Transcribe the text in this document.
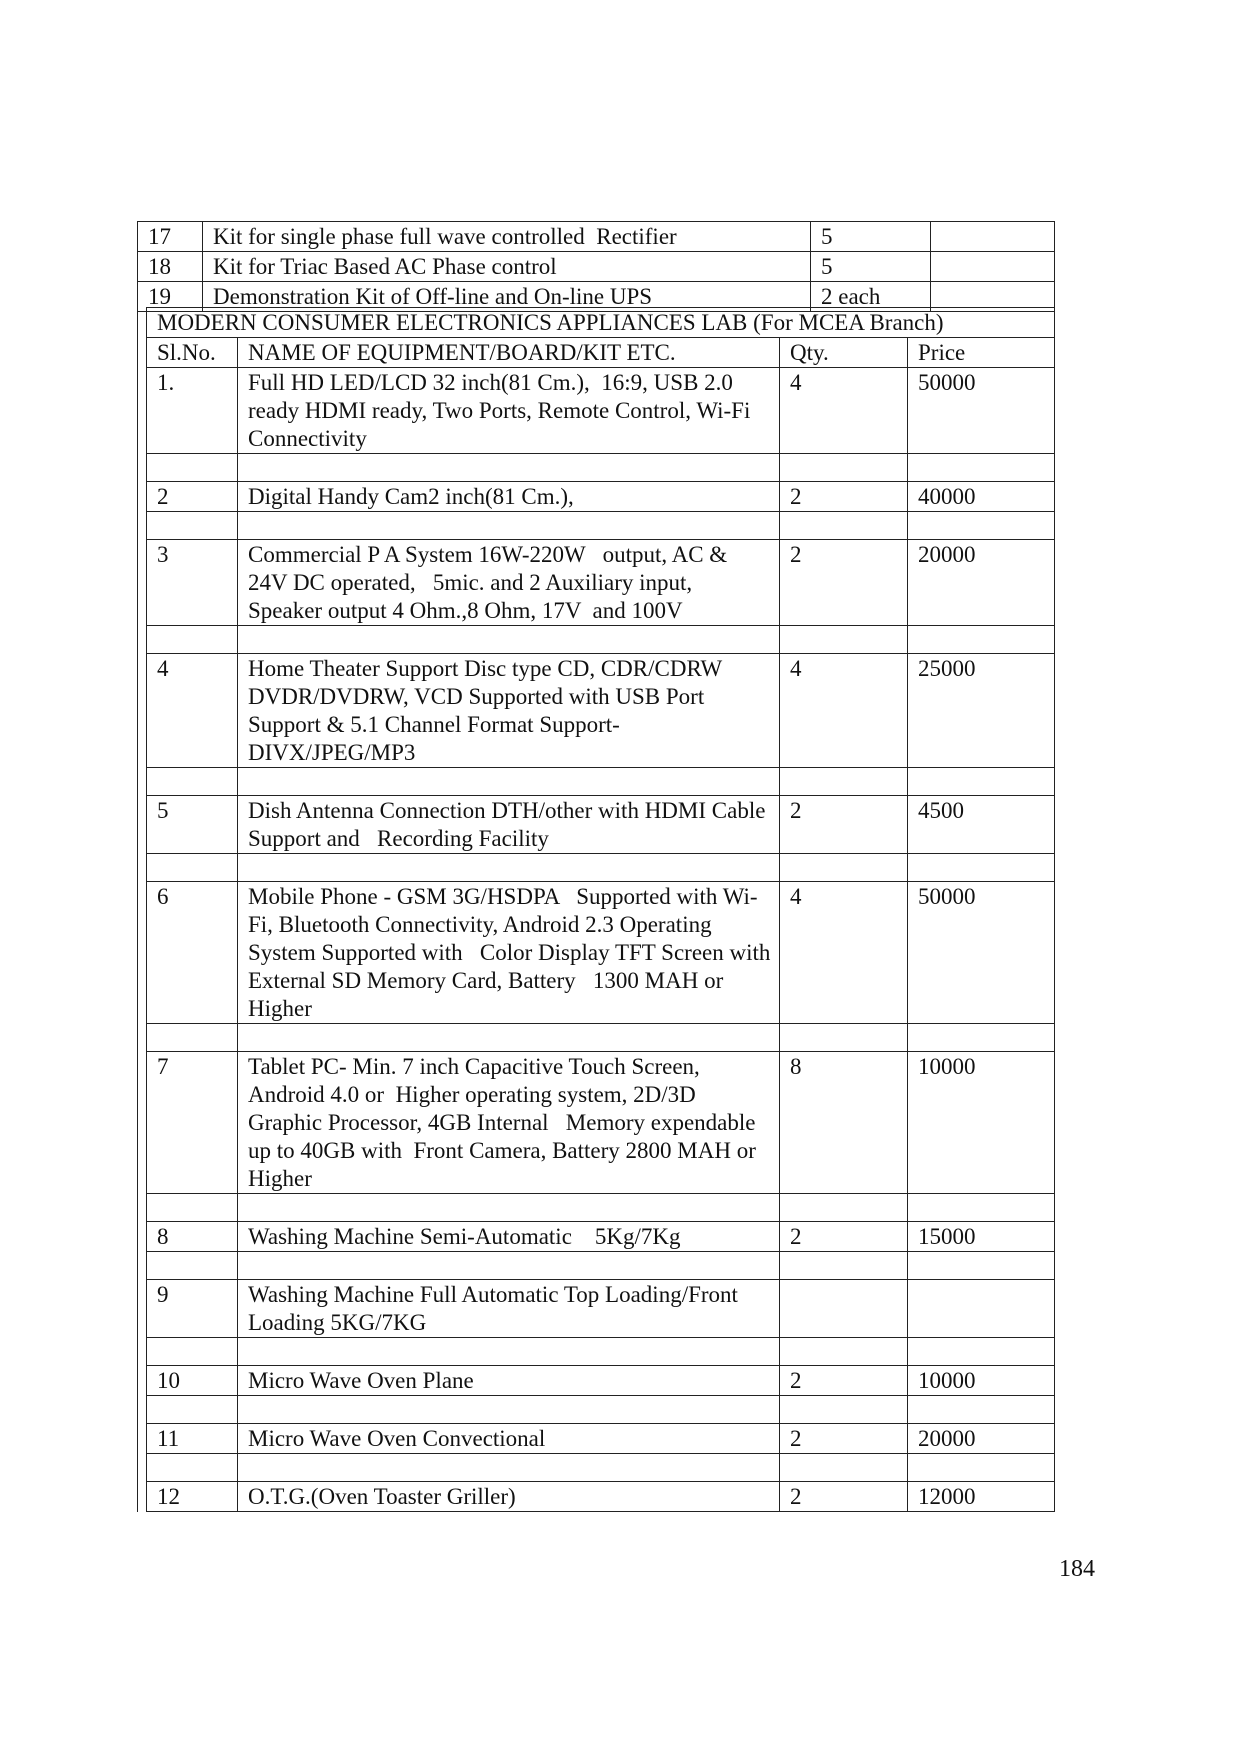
17	Kit for single phase full wave controlled  Rectifier	5	
18	Kit for Triac Based AC Phase control	5	
19	Demonstration Kit of Off-line and On-line UPS	2 each	
MODERN CONSUMER ELECTRONICS APPLIANCES LAB (For MCEA Branch)			
Sl.No.	NAME OF EQUIPMENT/BOARD/KIT ETC.	Qty.	Price
1.	Full HD LED/LCD 32 inch(81 Cm.),  16:9, USB 2.0 ready HDMI ready, Two Ports, Remote Control, Wi-Fi Connectivity	4	50000

2	Digital Handy Cam2 inch(81 Cm.),	2	40000

3	Commercial P A System 16W-220W   output, AC & 24V DC operated,   5mic. and 2 Auxiliary input, Speaker output 4 Ohm.,8 Ohm, 17V  and 100V	2	20000

4	Home Theater Support Disc type CD, CDR/CDRW DVDR/DVDRW, VCD Supported with USB Port Support & 5.1 Channel Format Support- DIVX/JPEG/MP3	4	25000

5	Dish Antenna Connection DTH/other with HDMI Cable Support and   Recording Facility	2	4500

6	Mobile Phone - GSM 3G/HSDPA   Supported with Wi-Fi, Bluetooth Connectivity, Android 2.3 Operating System Supported with   Color Display TFT Screen with    External SD Memory Card, Battery   1300 MAH or Higher	4	50000

7	Tablet PC- Min. 7 inch Capacitive Touch Screen, Android 4.0 or  Higher operating system, 2D/3D Graphic Processor, 4GB Internal   Memory expendable up to 40GB with  Front Camera, Battery 2800 MAH or Higher	8	10000

8	Washing Machine Semi-Automatic    5Kg/7Kg	2	15000

9	Washing Machine Full Automatic Top Loading/Front Loading 5KG/7KG		

10	Micro Wave Oven Plane	2	10000

11	Micro Wave Oven Convectional	2	20000

12	O.T.G.(Oven Toaster Griller)	2	12000
184
